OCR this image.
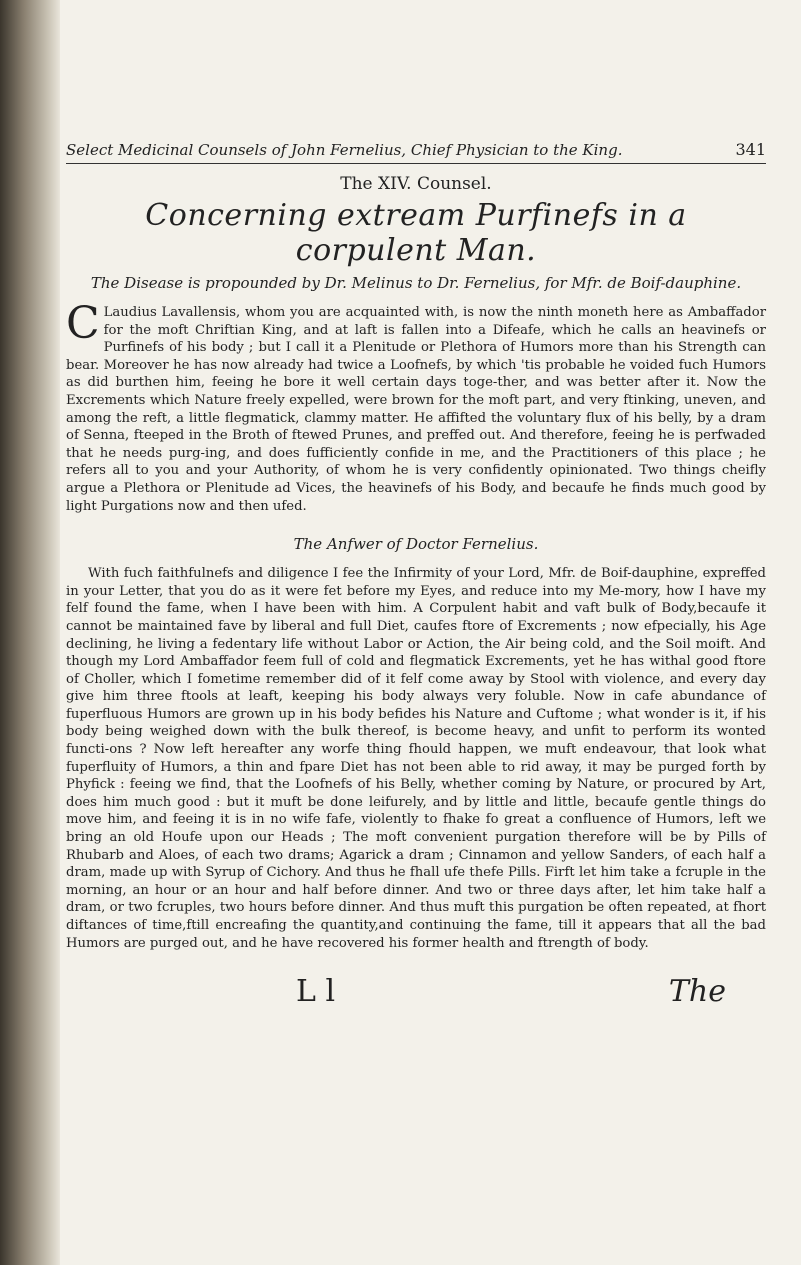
Select Medicinal Counsels of John Fernelius, Chief Physician to the King.	341
The XIV. Counsel.
Concerning extream Purfinefs in a corpulent Man.
The Disease is propounded by Dr. Melinus to Dr. Fernelius, for Mfr. de Boif-dauphine.

C Laudius Lavallensis, whom you are acquainted with, is now the ninth moneth here as Ambaffador for the moft Chriftian King, and at laft is fallen into a Difeafe, which he calls an heavinefs or Purfinefs of his body ; but I call it a Plenitude or Plethora of Humors more than his Strength can bear. Moreover he has now already had twice a Loofnefs, by which 'tis probable he voided fuch Humors as did burthen him, feeing he bore it well certain days toge-ther, and was better after it. Now the Excrements which Nature freely expelled, were brown for the moft part, and very ftinking, uneven, and among the reft, a little flegmatick, clammy matter. He affifted the voluntary flux of his belly, by a dram of Senna, fteeped in the Broth of ftewed Prunes, and preffed out. And therefore, feeing he is perfwaded that he needs purg-ing, and does fufficiently confide in me, and the Practitioners of this place ; he refers all to you and your Authority, of whom he is very confidently opinionated. Two things cheifly argue a Plethora or Plenitude ad Vices, the heavinefs of his Body, and becaufe he finds much good by light Purgations now and then ufed.

The Anfwer of Doctor Fernelius.

With fuch faithfulnefs and diligence I fee the Infirmity of your Lord, Mfr. de Boif-dauphine, expreffed in your Letter, that you do as it were fet before my Eyes, and reduce into my Me-mory, how I have my felf found the fame, when I have been with him. A Corpulent habit and vaft bulk of Body,becaufe it cannot be maintained fave by liberal and full Diet, caufes ftore of Excrements ; now efpecially, his Age declining, he living a fedentary life without Labor or Action, the Air being cold, and the Soil moift. And though my Lord Ambaffador feem full of cold and flegmatick Excrements, yet he has withal good ftore of Choller, which I fometime remember did of it felf come away by Stool with violence, and every day give him three ftools at leaft, keeping his body always very foluble. Now in cafe abundance of fuperfluous Humors are grown up in his body befides his Nature and Cuftome ; what wonder is it, if his body being weighed down with the bulk thereof, is become heavy, and unfit to perform its wonted functi-ons ? Now left hereafter any worfe thing fhould happen, we muft endeavour, that look what fuperfluity of Humors, a thin and fpare Diet has not been able to rid away, it may be purged forth by Phyfick : feeing we find, that the Loofnefs of his Belly, whether coming by Nature, or procured by Art, does him much good : but it muft be done leifurely, and by little and little, becaufe gentle things do move him, and feeing it is in no wife fafe, violently to fhake fo great a confluence of Humors, left we bring an old Houfe upon our Heads ; The moft convenient purgation therefore will be by Pills of Rhubarb and Aloes, of each two drams; Agarick a dram ; Cinnamon and yellow Sanders, of each half a dram, made up with Syrup of Cichory. And thus he fhall ufe thefe Pills. Firft let him take a fcruple in the morning, an hour or an hour and half before dinner. And two or three days after, let him take half a dram, or two fcruples, two hours before dinner. And thus muft this purgation be often repeated, at fhort diftances of time,ftill encreafing the quantity,and continuing the fame, till it appears that all the bad Humors are purged out, and he have recovered his former health and ftrength of body.

L l	The
